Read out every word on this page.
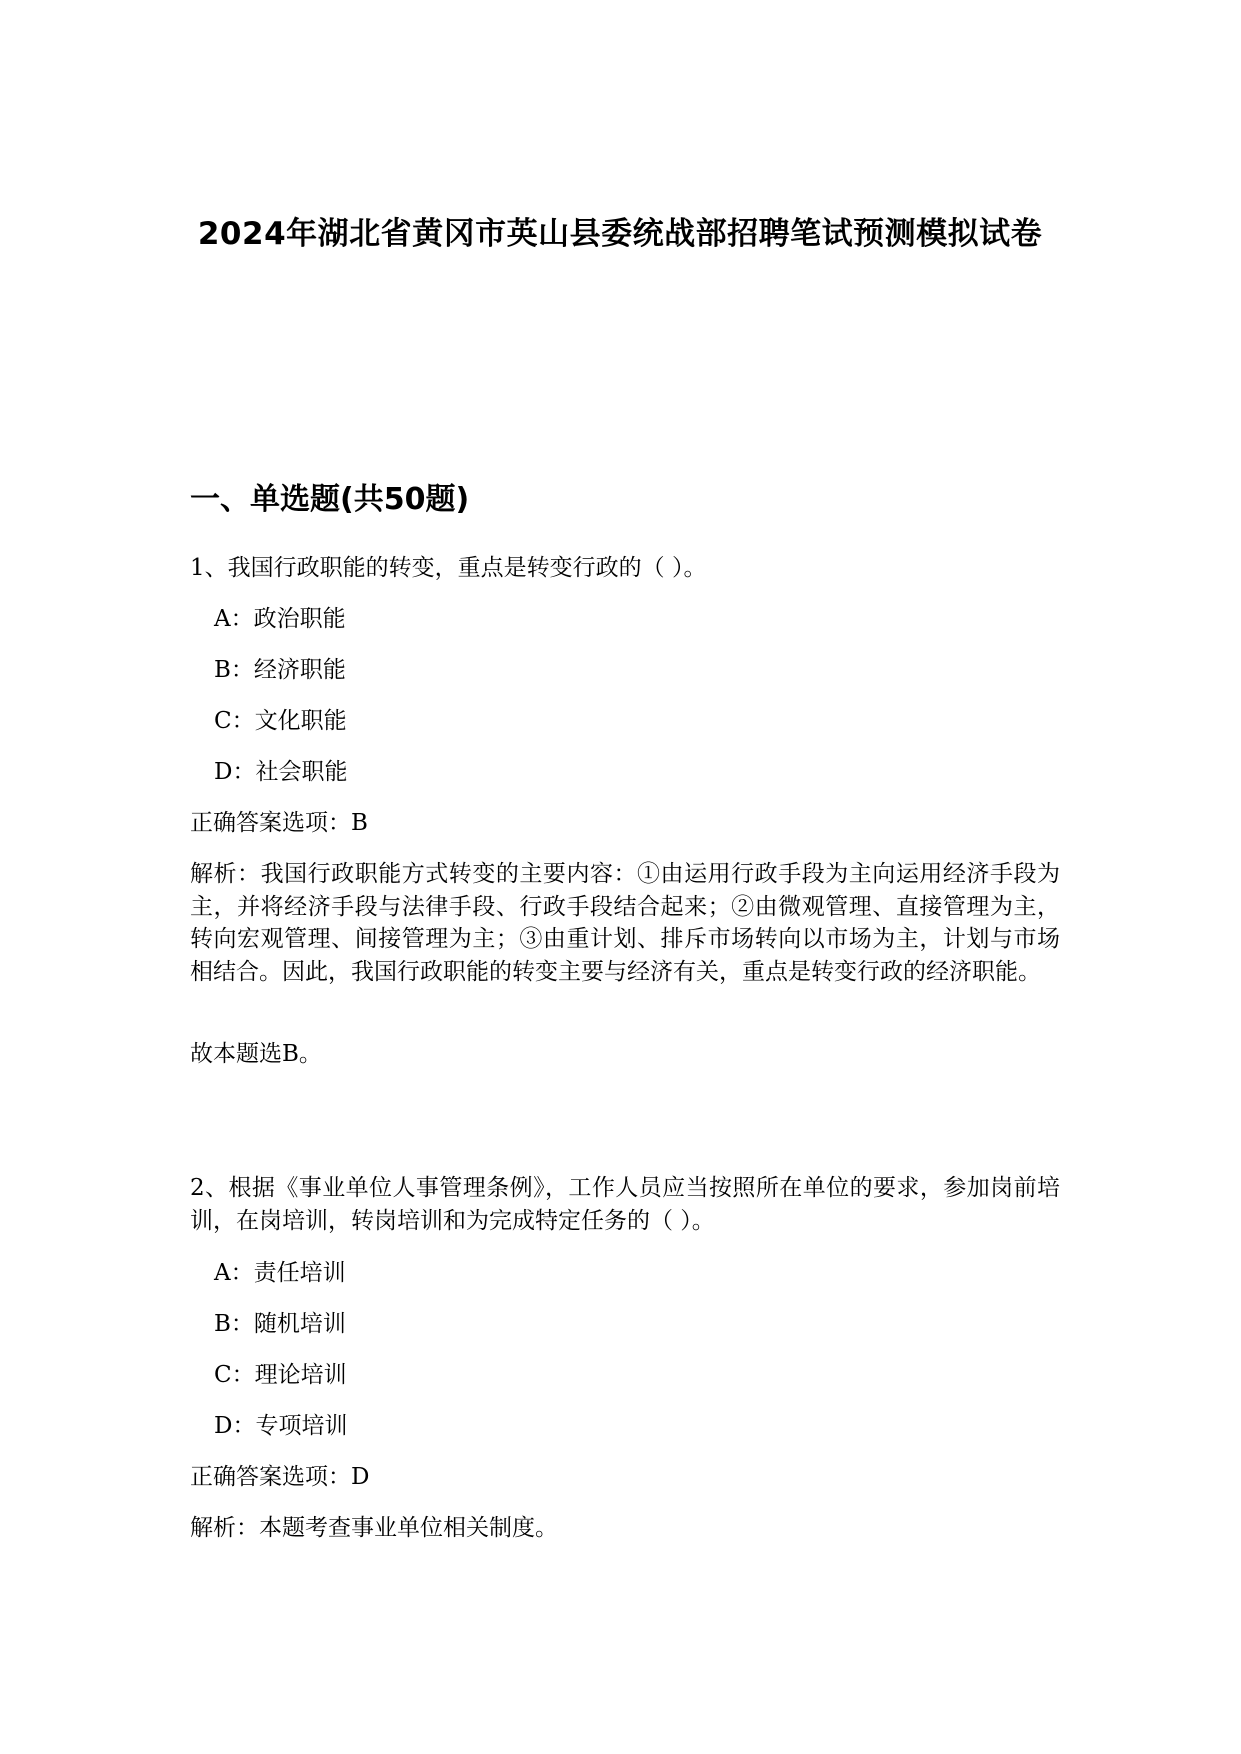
2024年湖北省黄冈市英山县委统战部招聘笔试预测模拟试卷
一、单选题(共50题)
1、我国行政职能的转变，重点是转变行政的（ ）。
A：政治职能
B：经济职能
C：文化职能
D：社会职能
正确答案选项：B
解析：我国行政职能方式转变的主要内容：①由运用行政手段为主向运用经济手段为主，并将经济手段与法律手段、行政手段结合起来；②由微观管理、直接管理为主，转向宏观管理、间接管理为主；③由重计划、排斥市场转向以市场为主，计划与市场相结合。因此，我国行政职能的转变主要与经济有关，重点是转变行政的经济职能。
故本题选B。
2、根据《事业单位人事管理条例》，工作人员应当按照所在单位的要求，参加岗前培训，在岗培训，转岗培训和为完成特定任务的（ ）。
A：责任培训
B：随机培训
C：理论培训
D：专项培训
正确答案选项：D
解析：本题考查事业单位相关制度。
